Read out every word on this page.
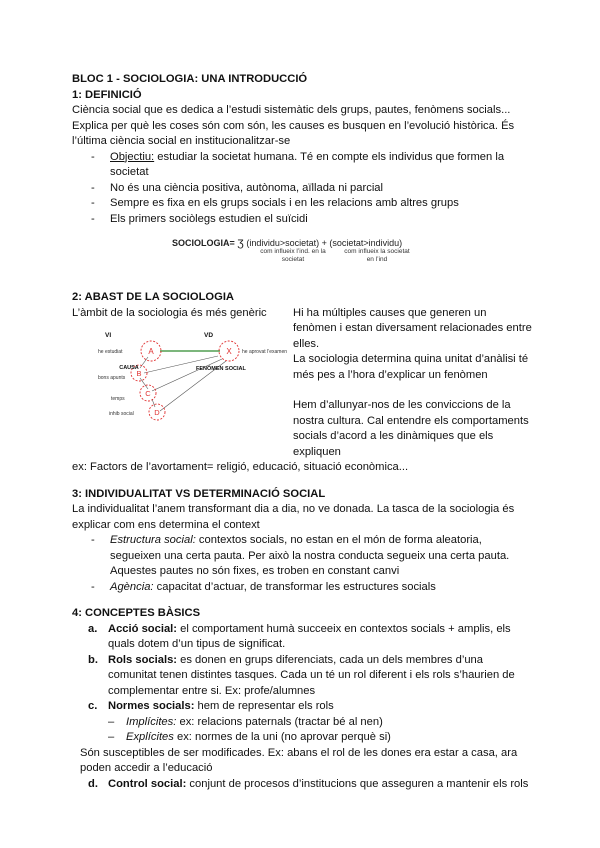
BLOC 1 - SOCIOLOGIA: UNA INTRODUCCIÓ

1: DEFINICIÓ

Ciència social que es dedica a l’estudi sistemàtic dels grups, pautes, fenòmens socials... Explica per què les coses són com són, les causes es busquen en l’evolució històrica. És l’última ciència social en institucionalitzar-se

- Objectiu: estudiar la societat humana. Té en compte els individus que formen la societat
- No és una ciència positiva, autònoma, aïllada ni parcial
- Sempre es fixa en els grups socials i en les relacions amb altres grups
- Els primers sociòlegs estudien el suïcidi
SOCIOLOGIA= ʒ (individu>societat) + (societat>individu)
com influeix l’ind. en la societat
com influeix la societat en l’ind

2: ABAST DE LA SOCIOLOGIA

L’àmbit de la sociologia és més genèric

VI	VD
A	X
B
C
D
he estudiat	he aprovat l’examen
CAUSA	FENÒMEN SOCIAL
bons apunts
temps
inhib social

Hi ha múltiples causes que generen un fenòmen i estan diversament relacionades entre elles.

La sociologia determina quina unitat d’anàlisi té més pes a l’hora d’explicar un fenòmen

Hem d’allunyar-nos de les conviccions de la nostra cultura. Cal entendre els comportaments socials d’acord a les dinàmiques que els expliquen

ex: Factors de l’avortament= religió, educació, situació econòmica...

3: INDIVIDUALITAT VS DETERMINACIÓ SOCIAL

La individualitat l’anem transformant dia a dia, no ve donada. La tasca de la sociologia és explicar com ens determina el context

- Estructura social: contextos socials, no estan en el món de forma aleatoria, segueixen una certa pauta. Per això la nostra conducta segueix una certa pauta. Aquestes pautes no són fixes, es troben en constant canvi
- Agència: capacitat d’actuar, de transformar les estructures socials

4: CONCEPTES BÀSICS

a. Acció social: el comportament humà succeeix en contextos socials + amplis, els quals dotem d’un tipus de significat.
b. Rols socials: es donen en grups diferenciats, cada un dels membres d’una comunitat tenen distintes tasques. Cada un té un rol diferent i els rols s’haurien de complementar entre si. Ex: profe/alumnes
c. Normes socials: hem de representar els rols
– Implícites: ex: relacions paternals (tractar bé al nen)
– Explícites ex: normes de la uni (no aprovar perquè si)

Són susceptibles de ser modificades. Ex: abans el rol de les dones era estar a casa, ara poden accedir a l’educació

d. Control social: conjunt de procesos d’institucions que asseguren a mantenir els rols
